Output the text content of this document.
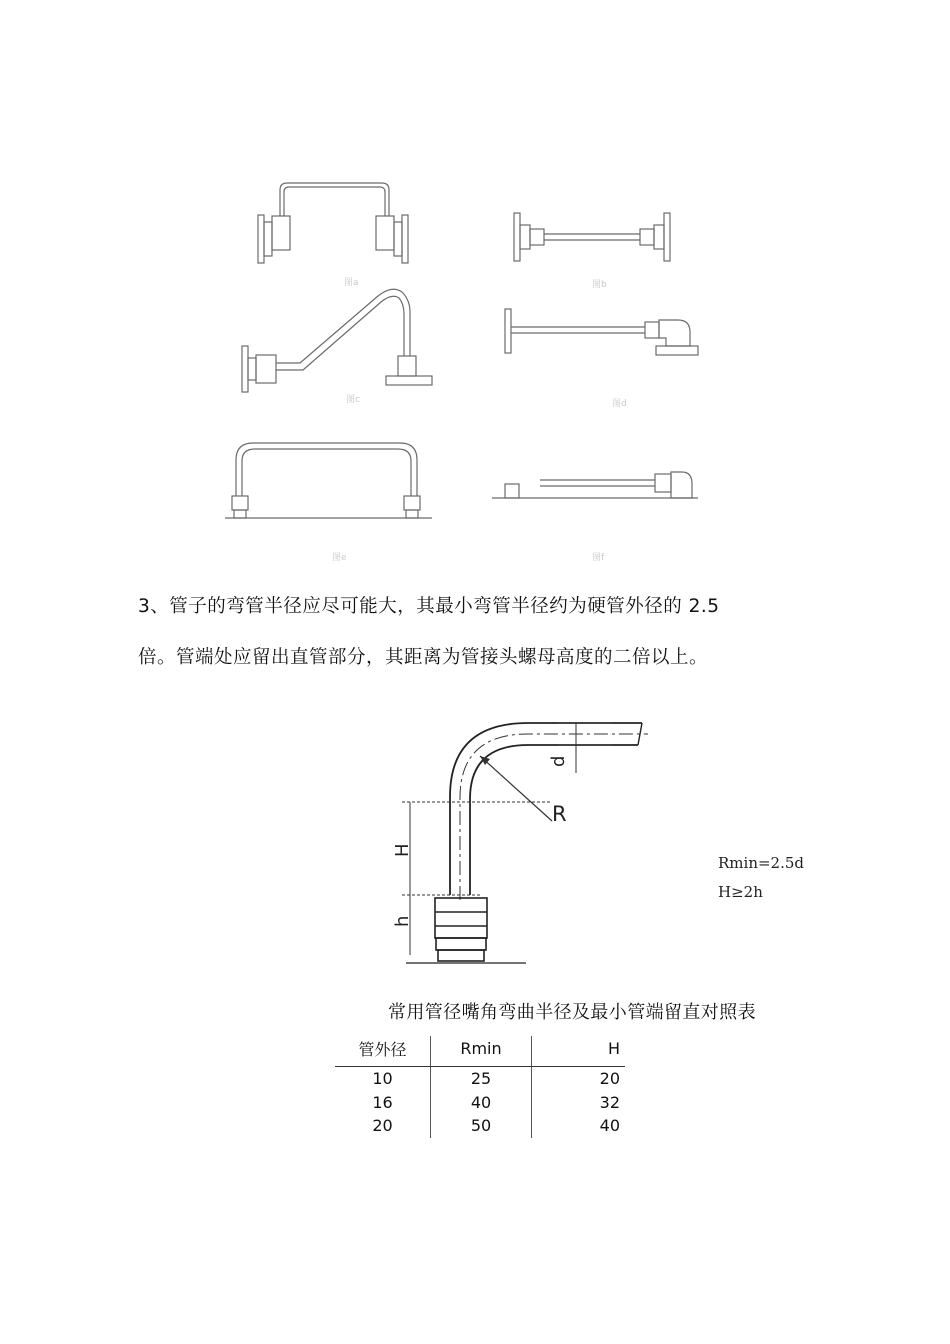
图a	图b
图c	图d
图e	图f
3、管子的弯管半径应尽可能大，其最小弯管半径约为硬管外径的 2.5
倍。管端处应留出直管部分，其距离为管接头螺母高度的二倍以上。
d
R
H
h
Rmin=2.5d
H≥2h
常用管径嘴角弯曲半径及最小管端留直对照表
管外径	Rmin	H
10	25	20
16	40	32
20	50	40
